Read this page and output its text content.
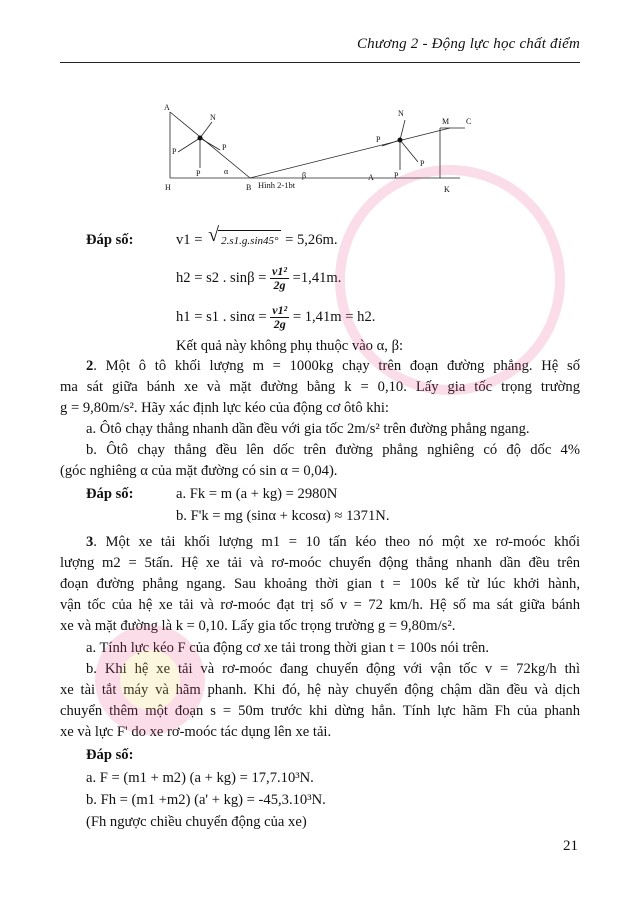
Chương 2 - Động lực học chất điểm
A
H	B
A
K
M C
α	β
N
P	P
P
N
P
P
P
Hình 2-1bt
Đáp số:	v1 = √ 2.s1.g.sin45° = 5,26m.
h2 = s2 . $\sin\beta = \frac{\text{v1²}}{2g} =1,41m$.
h1 = s1 . $\sin\alpha = \frac{\text{v1²}}{2g} = 1,41m = h2$.
Kết quả này không phụ thuộc vào α, β:
2. Một ô tô khối lượng m = 1000kg chạy trên đoạn đường phẳng. Hệ số
ma sát giữa bánh xe và mặt đường bằng k = 0,10. Lấy gia tốc trọng trường
g = 9,80m/s². Hãy xác định lực kéo của động cơ ôtô khi:
a. Ôtô chạy thẳng nhanh dần đều với gia tốc 2m/s² trên đường phẳng ngang.
b. Ôtô chạy thẳng đều lên dốc trên đường phẳng nghiêng có độ dốc 4%
(góc nghiêng α của mặt đường có sin α = 0,04).
Đáp số:	a. Fk = m (a + kg) = 2980N
b. F'k = mg (sinα + kcosα) ≈ 1371N.
3. Một xe tải khối lượng m1 = 10 tấn kéo theo nó một xe rơ-moóc khối
lượng m2 = 5tấn. Hệ xe tải và rơ-moóc chuyển động thẳng nhanh dần đều trên
đoạn đường phẳng ngang. Sau khoảng thời gian t = 100s kể từ lúc khởi hành,
vận tốc của hệ xe tải và rơ-moóc đạt trị số v = 72 km/h. Hệ số ma sát giữa bánh
xe và mặt đường là k = 0,10. Lấy gia tốc trọng trường g = 9,80m/s².
a. Tính lực kéo F của động cơ xe tải trong thời gian t = 100s nói trên.
b. Khi hệ xe tải và rơ-moóc đang chuyển động với vận tốc v = 72kg/h thì
xe tài tắt máy và hãm phanh. Khi đó, hệ này chuyển động chậm dần đều và dịch
chuyển thêm một đoạn s = 50m trước khi dừng hẳn. Tính lực hãm Fh của phanh
xe và lực F' do xe rơ-moóc tác dụng lên xe tải.
Đáp số:
a. F = (m1 + m2) (a + kg) = 17,7.10³N.
b. Fh = (m1 +m2) (a' + kg) = -45,3.10³N.
(Fh ngược chiều chuyển động của xe)
21
